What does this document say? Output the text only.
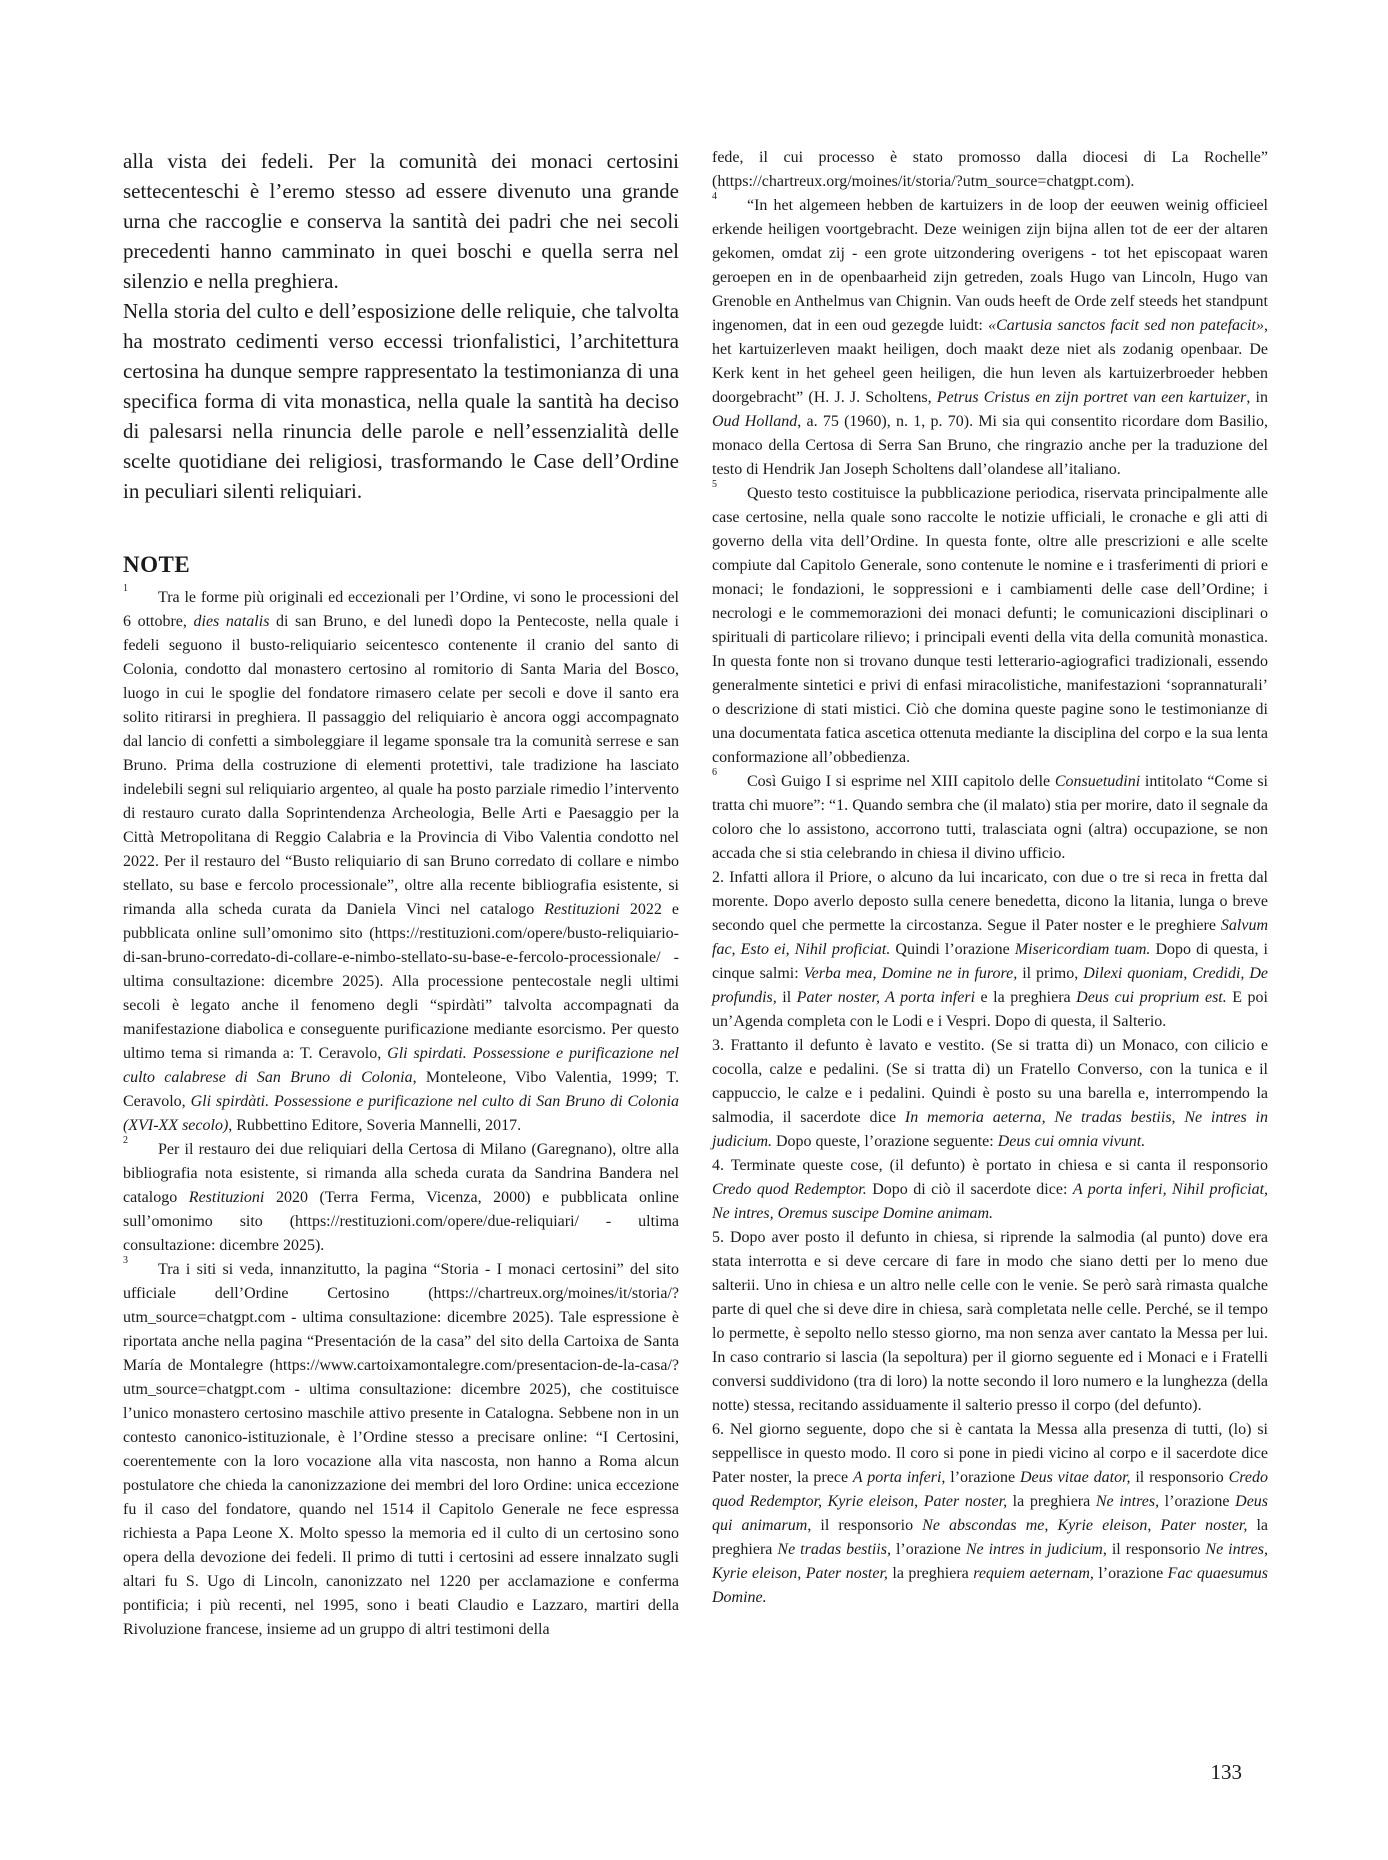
alla vista dei fedeli. Per la comunità dei monaci certosini settecenteschi è l’eremo stesso ad essere divenuto una grande urna che raccoglie e conserva la santità dei padri che nei secoli precedenti hanno camminato in quei boschi e quella serra nel silenzio e nella preghiera.

Nella storia del culto e dell’esposizione delle reliquie, che talvolta ha mostrato cedimenti verso eccessi trionfalistici, l’architettura certosina ha dunque sempre rappresentato la testimonianza di una specifica forma di vita monastica, nella quale la santità ha deciso di palesarsi nella rinuncia delle parole e nell’essenzialità delle scelte quotidiane dei religiosi, trasformando le Case dell’Ordine in peculiari silenti reliquiari.

NOTE

$^1$Tra le forme più originali ed eccezionali per l’Ordine, vi sono le processioni del 6 ottobre, dies natalis di san Bruno, e del lunedì dopo la Pentecoste, nella quale i fedeli seguono il busto-reliquiario seicentesco contenente il cranio del santo di Colonia, condotto dal monastero certosino al romitorio di Santa Maria del Bosco, luogo in cui le spoglie del fondatore rimasero celate per secoli e dove il santo era solito ritirarsi in preghiera. Il passaggio del reliquiario è ancora oggi accompagnato dal lancio di confetti a simboleggiare il legame sponsale tra la comunità serrese e san Bruno. Prima della costruzione di elementi protettivi, tale tradizione ha lasciato indelebili segni sul reliquiario argenteo, al quale ha posto parziale rimedio l’intervento di restauro curato dalla Soprintendenza Archeologia, Belle Arti e Paesaggio per la Città Metropolitana di Reggio Calabria e la Provincia di Vibo Valentia condotto nel 2022. Per il restauro del “Busto reliquiario di san Bruno corredato di collare e nimbo stellato, su base e fercolo processionale”, oltre alla recente bibliografia esistente, si rimanda alla scheda curata da Daniela Vinci nel catalogo Restituzioni 2022 e pubblicata online sull’omonimo sito (https://restituzioni.com/opere/busto-reliquiario-di-san-bruno-corredato-di-collare-e-nimbo-stellato-su-base-e-fercolo-processionale/ - ultima consultazione: dicembre 2025). Alla processione pentecostale negli ultimi secoli è legato anche il fenomeno degli “spirdàti” talvolta accompagnati da manifestazione diabolica e conseguente purificazione mediante esorcismo. Per questo ultimo tema si rimanda a: T. Ceravolo, Gli spirdati. Possessione e purificazione nel culto calabrese di San Bruno di Colonia, Monteleone, Vibo Valentia, 1999; T. Ceravolo, Gli spirdàti. Possessione e purificazione nel culto di San Bruno di Colonia (XVI-XX secolo), Rubbettino Editore, Soveria Mannelli, 2017.

$^2$Per il restauro dei due reliquiari della Certosa di Milano (Garegnano), oltre alla bibliografia nota esistente, si rimanda alla scheda curata da Sandrina Bandera nel catalogo Restituzioni 2020 (Terra Ferma, Vicenza, 2000) e pubblicata online sull’omonimo sito (https://restituzioni.com/opere/due-reliquiari/ - ultima consultazione: dicembre 2025).

$^3$Tra i siti si veda, innanzitutto, la pagina “Storia - I monaci certosini” del sito ufficiale dell’Ordine Certosino (https://chartreux.org/moines/it/storia/?utm_source=chatgpt.com - ultima consultazione: dicembre 2025). Tale espressione è riportata anche nella pagina “Presentación de la casa” del sito della Cartoixa de Santa María de Montalegre (https://www.cartoixamontalegre.com/presentacion-de-la-casa/?utm_source=chatgpt.com - ultima consultazione: dicembre 2025), che costituisce l’unico monastero certosino maschile attivo presente in Catalogna. Sebbene non in un contesto canonico-istituzionale, è l’Ordine stesso a precisare online: “I Certosini, coerentemente con la loro vocazione alla vita nascosta, non hanno a Roma alcun postulatore che chieda la canonizzazione dei membri del loro Ordine: unica eccezione fu il caso del fondatore, quando nel 1514 il Capitolo Generale ne fece espressa richiesta a Papa Leone X. Molto spesso la memoria ed il culto di un certosino sono opera della devozione dei fedeli. Il primo di tutti i certosini ad essere innalzato sugli altari fu S. Ugo di Lincoln, canonizzato nel 1220 per acclamazione e conferma pontificia; i più recenti, nel 1995, sono i beati Claudio e Lazzaro, martiri della Rivoluzione francese, insieme ad un gruppo di altri testimoni della

fede, il cui processo è stato promosso dalla diocesi di La Rochelle” (https://chartreux.org/moines/it/storia/?utm_source=chatgpt.com).

$^4$“In het algemeen hebben de kartuizers in de loop der eeuwen weinig officieel erkende heiligen voortgebracht. Deze weinigen zijn bijna allen tot de eer der altaren gekomen, omdat zij - een grote uitzondering overigens - tot het episcopaat waren geroepen en in de openbaarheid zijn getreden, zoals Hugo van Lincoln, Hugo van Grenoble en Anthelmus van Chignin. Van ouds heeft de Orde zelf steeds het standpunt ingenomen, dat in een oud gezegde luidt: «Cartusia sanctos facit sed non patefacit», het kartuizerleven maakt heiligen, doch maakt deze niet als zodanig openbaar. De Kerk kent in het geheel geen heiligen, die hun leven als kartuizerbroeder hebben doorgebracht” (H. J. J. Scholtens, Petrus Cristus en zijn portret van een kartuizer, in Oud Holland, a. 75 (1960), n. 1, p. 70). Mi sia qui consentito ricordare dom Basilio, monaco della Certosa di Serra San Bruno, che ringrazio anche per la traduzione del testo di Hendrik Jan Joseph Scholtens dall’olandese all’italiano.

$^5$Questo testo costituisce la pubblicazione periodica, riservata principalmente alle case certosine, nella quale sono raccolte le notizie ufficiali, le cronache e gli atti di governo della vita dell’Ordine. In questa fonte, oltre alle prescrizioni e alle scelte compiute dal Capitolo Generale, sono contenute le nomine e i trasferimenti di priori e monaci; le fondazioni, le soppressioni e i cambiamenti delle case dell’Ordine; i necrologi e le commemorazioni dei monaci defunti; le comunicazioni disciplinari o spirituali di particolare rilievo; i principali eventi della vita della comunità monastica. In questa fonte non si trovano dunque testi letterario-agiografici tradizionali, essendo generalmente sintetici e privi di enfasi miracolistiche, manifestazioni ‘soprannaturali’ o descrizione di stati mistici. Ciò che domina queste pagine sono le testimonianze di una documentata fatica ascetica ottenuta mediante la disciplina del corpo e la sua lenta conformazione all’obbedienza.

$^6$Così Guigo I si esprime nel XIII capitolo delle Consuetudini intitolato “Come si tratta chi muore”: “1. Quando sembra che (il malato) stia per morire, dato il segnale da coloro che lo assistono, accorrono tutti, tralasciata ogni (altra) occupazione, se non accada che si stia celebrando in chiesa il divino ufficio.

2. Infatti allora il Priore, o alcuno da lui incaricato, con due o tre si reca in fretta dal morente. Dopo averlo deposto sulla cenere benedetta, dicono la litania, lunga o breve secondo quel che permette la circostanza. Segue il Pater noster e le preghiere Salvum fac, Esto ei, Nihil proficiat. Quindi l’orazione Misericordiam tuam. Dopo di questa, i cinque salmi: Verba mea, Domine ne in furore, il primo, Dilexi quoniam, Credidi, De profundis, il Pater noster, A porta inferi e la preghiera Deus cui proprium est. E poi un’Agenda completa con le Lodi e i Vespri. Dopo di questa, il Salterio.

3. Frattanto il defunto è lavato e vestito. (Se si tratta di) un Monaco, con cilicio e cocolla, calze e pedalini. (Se si tratta di) un Fratello Converso, con la tunica e il cappuccio, le calze e i pedalini. Quindi è posto su una barella e, interrompendo la salmodia, il sacerdote dice In memoria aeterna, Ne tradas bestiis, Ne intres in judicium. Dopo queste, l’orazione seguente: Deus cui omnia vivunt.

4. Terminate queste cose, (il defunto) è portato in chiesa e si canta il responsorio Credo quod Redemptor. Dopo di ciò il sacerdote dice: A porta inferi, Nihil proficiat, Ne intres, Oremus suscipe Domine animam.

5. Dopo aver posto il defunto in chiesa, si riprende la salmodia (al punto) dove era stata interrotta e si deve cercare di fare in modo che siano detti per lo meno due salterii. Uno in chiesa e un altro nelle celle con le venie. Se però sarà rimasta qualche parte di quel che si deve dire in chiesa, sarà completata nelle celle. Perché, se il tempo lo permette, è sepolto nello stesso giorno, ma non senza aver cantato la Messa per lui. In caso contrario si lascia (la sepoltura) per il giorno seguente ed i Monaci e i Fratelli conversi suddividono (tra di loro) la notte secondo il loro numero e la lunghezza (della notte) stessa, recitando assiduamente il salterio presso il corpo (del defunto).

6. Nel giorno seguente, dopo che si è cantata la Messa alla presenza di tutti, (lo) si seppellisce in questo modo. Il coro si pone in piedi vicino al corpo e il sacerdote dice Pater noster, la prece A porta inferi, l’orazione Deus vitae dator, il responsorio Credo quod Redemptor, Kyrie eleison, Pater noster, la preghiera Ne intres, l’orazione Deus qui animarum, il responsorio Ne abscondas me, Kyrie eleison, Pater noster, la preghiera Ne tradas bestiis, l’orazione Ne intres in judicium, il responsorio Ne intres, Kyrie eleison, Pater noster, la preghiera requiem aeternam, l’orazione Fac quaesumus Domine.

133
